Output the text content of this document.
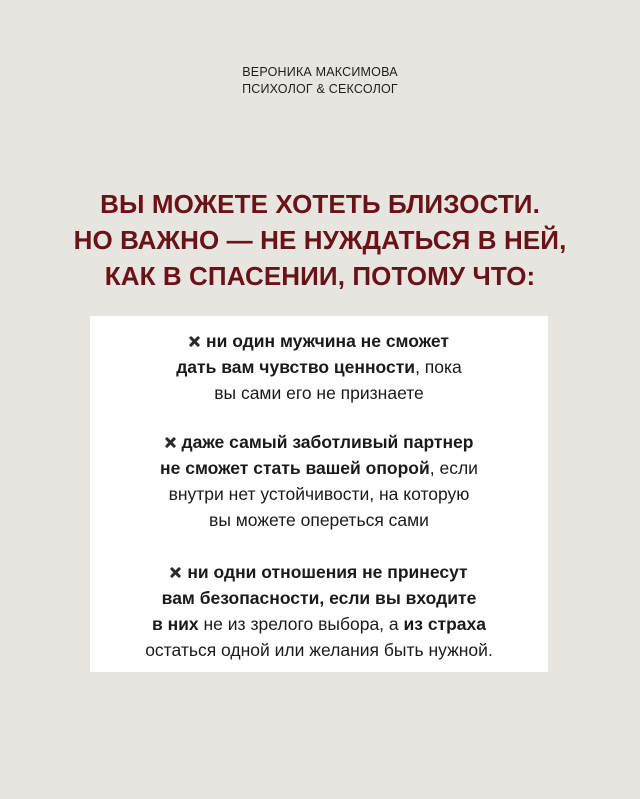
ВЕРОНИКА МАКСИМОВА
ПСИХОЛОГ & СЕКСОЛОГ
ВЫ МОЖЕТЕ ХОТЕТЬ БЛИЗОСТИ.
НО ВАЖНО — НЕ НУЖДАТЬСЯ В НЕЙ,
КАК В СПАСЕНИИ, ПОТОМУ ЧТО:
ни один мужчина не сможет
дать вам чувство ценности, пока
вы сами его не признаете
даже самый заботливый партнер
не сможет стать вашей опорой, если
внутри нет устойчивости, на которую
вы можете опереться сами
ни одни отношения не принесут
вам безопасности, если вы входите
в них не из зрелого выбора, а из страха
остаться одной или желания быть нужной.
